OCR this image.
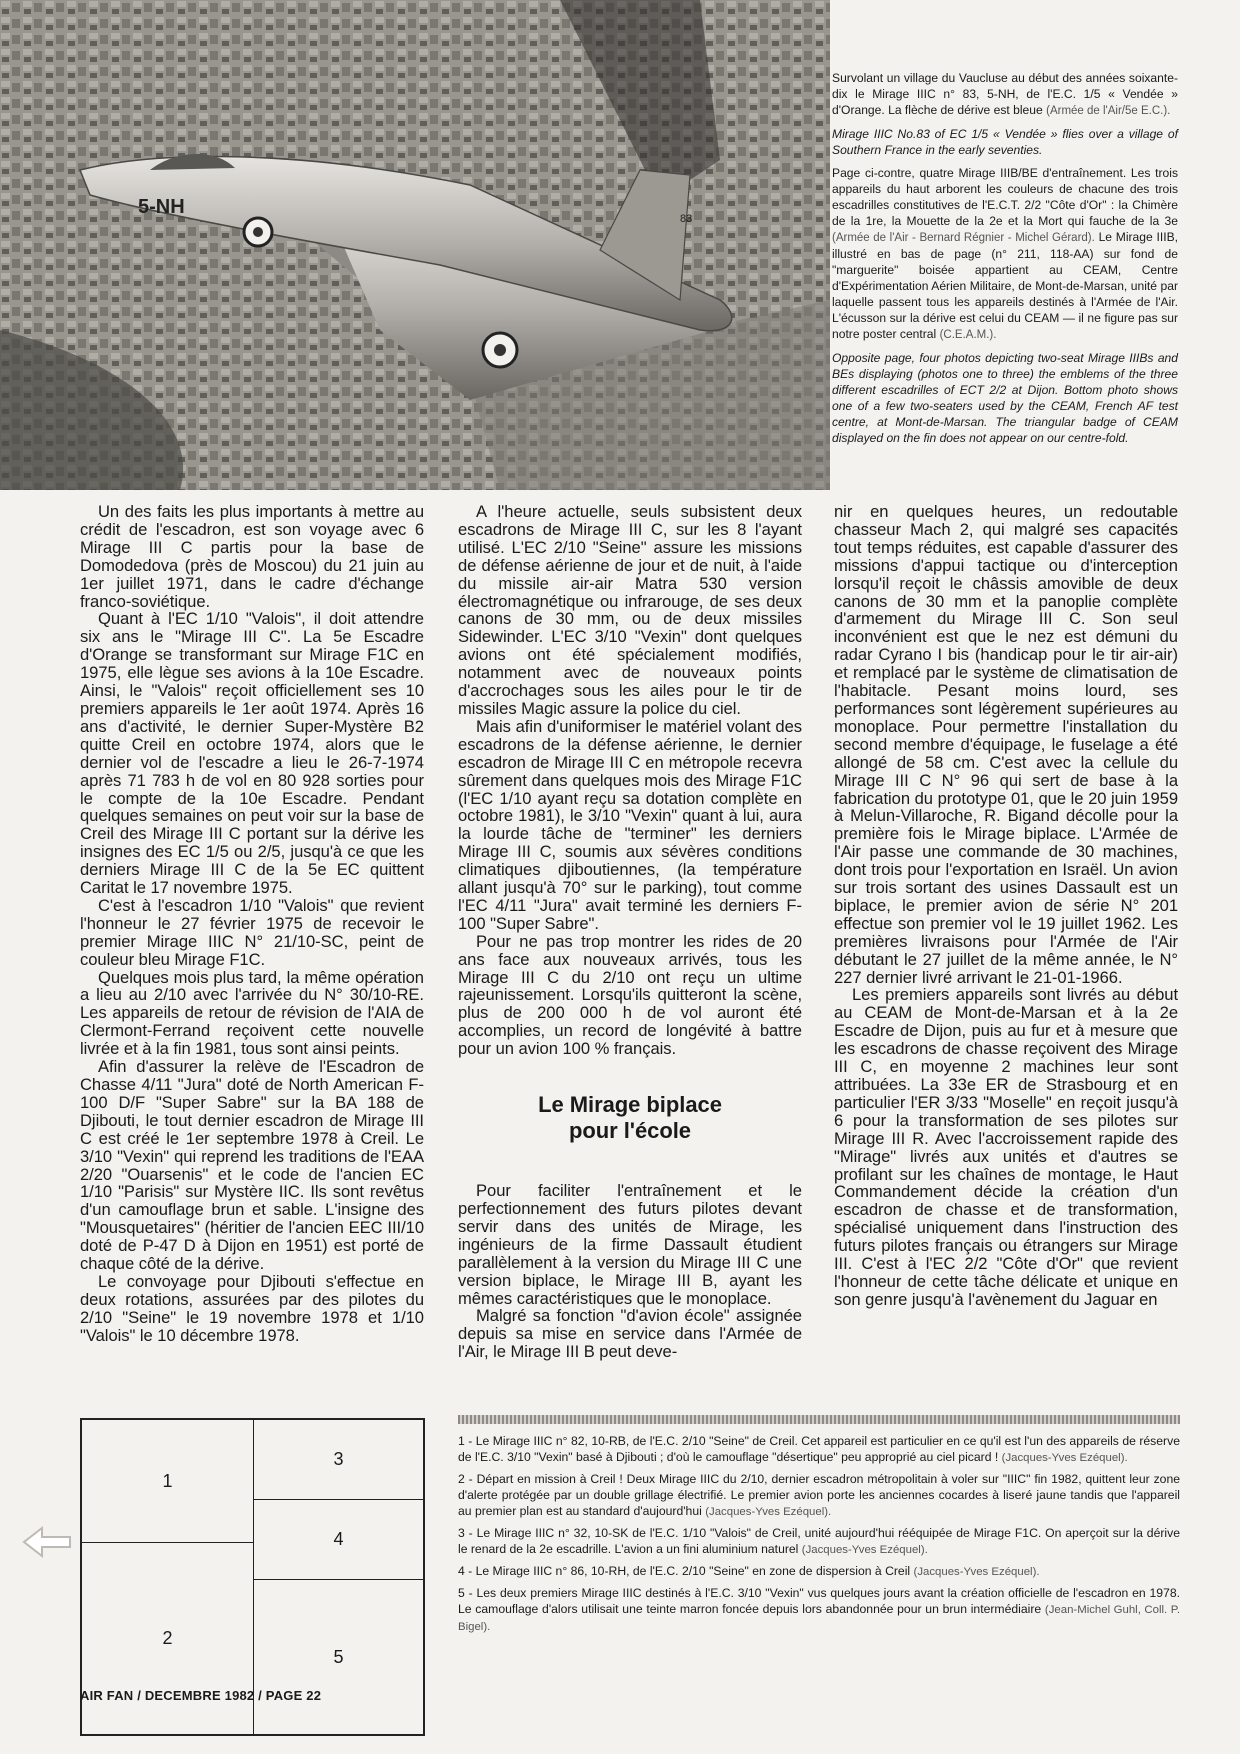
5-NH
83

Survolant un village du Vaucluse au début des années soixante-dix le Mirage IIIC n° 83, 5-NH, de l'E.C. 1/5 « Vendée » d'Orange. La flèche de dérive est bleue (Armée de l'Air/5e E.C.).

Mirage IIIC No.83 of EC 1/5 « Vendée » flies over a village of Southern France in the early seventies.

Page ci-contre, quatre Mirage IIIB/BE d'entraînement. Les trois appareils du haut arborent les couleurs de chacune des trois escadrilles constitutives de l'E.C.T. 2/2 "Côte d'Or" : la Chimère de la 1re, la Mouette de la 2e et la Mort qui fauche de la 3e (Armée de l'Air - Bernard Régnier - Michel Gérard). Le Mirage IIIB, illustré en bas de page (n° 211, 118-AA) sur fond de "marguerite" boisée appartient au CEAM, Centre d'Expérimentation Aérien Militaire, de Mont-de-Marsan, unité par laquelle passent tous les appareils destinés à l'Armée de l'Air. L'écusson sur la dérive est celui du CEAM — il ne figure pas sur notre poster central (C.E.A.M.).

Opposite page, four photos depicting two-seat Mirage IIIBs and BEs displaying (photos one to three) the emblems of the three different escadrilles of ECT 2/2 at Dijon. Bottom photo shows one of a few two-seaters used by the CEAM, French AF test centre, at Mont-de-Marsan. The triangular badge of CEAM displayed on the fin does not appear on our centre-fold.

Un des faits les plus importants à mettre au crédit de l'escadron, est son voyage avec 6 Mirage III C partis pour la base de Domodedova (près de Moscou) du 21 juin au 1er juillet 1971, dans le cadre d'échange franco-soviétique.

Quant à l'EC 1/10 "Valois", il doit attendre six ans le "Mirage III C". La 5e Escadre d'Orange se transformant sur Mirage F1C en 1975, elle lègue ses avions à la 10e Escadre. Ainsi, le "Valois" reçoit officiellement ses 10 premiers appareils le 1er août 1974. Après 16 ans d'activité, le dernier Super-Mystère B2 quitte Creil en octobre 1974, alors que le dernier vol de l'escadre a lieu le 26-7-1974 après 71 783 h de vol en 80 928 sorties pour le compte de la 10e Escadre. Pendant quelques semaines on peut voir sur la base de Creil des Mirage III C portant sur la dérive les insignes des EC 1/5 ou 2/5, jusqu'à ce que les derniers Mirage III C de la 5e EC quittent Caritat le 17 novembre 1975.

C'est à l'escadron 1/10 "Valois" que revient l'honneur le 27 février 1975 de recevoir le premier Mirage IIIC N° 21/10-SC, peint de couleur bleu Mirage F1C.

Quelques mois plus tard, la même opération a lieu au 2/10 avec l'arrivée du N° 30/10-RE. Les appareils de retour de révision de l'AIA de Clermont-Ferrand reçoivent cette nouvelle livrée et à la fin 1981, tous sont ainsi peints.

Afin d'assurer la relève de l'Escadron de Chasse 4/11 "Jura" doté de North American F-100 D/F "Super Sabre" sur la BA 188 de Djibouti, le tout dernier escadron de Mirage III C est créé le 1er septembre 1978 à Creil. Le 3/10 "Vexin" qui reprend les traditions de l'EAA 2/20 "Ouarsenis" et le code de l'ancien EC 1/10 "Parisis" sur Mystère IIC. Ils sont revêtus d'un camouflage brun et sable. L'insigne des "Mousquetaires" (héritier de l'ancien EEC III/10 doté de P-47 D à Dijon en 1951) est porté de chaque côté de la dérive.

Le convoyage pour Djibouti s'effectue en deux rotations, assurées par des pilotes du 2/10 "Seine" le 19 novembre 1978 et 1/10 "Valois" le 10 décembre 1978.

A l'heure actuelle, seuls subsistent deux escadrons de Mirage III C, sur les 8 l'ayant utilisé. L'EC 2/10 "Seine" assure les missions de défense aérienne de jour et de nuit, à l'aide du missile air-air Matra 530 version électromagnétique ou infrarouge, de ses deux canons de 30 mm, ou de deux missiles Sidewinder. L'EC 3/10 "Vexin" dont quelques avions ont été spécialement modifiés, notamment avec de nouveaux points d'accrochages sous les ailes pour le tir de missiles Magic assure la police du ciel.

Mais afin d'uniformiser le matériel volant des escadrons de la défense aérienne, le dernier escadron de Mirage III C en métropole recevra sûrement dans quelques mois des Mirage F1C (l'EC 1/10 ayant reçu sa dotation complète en octobre 1981), le 3/10 "Vexin" quant à lui, aura la lourde tâche de "terminer" les derniers Mirage III C, soumis aux sévères conditions climatiques djiboutiennes, (la température allant jusqu'à 70° sur le parking), tout comme l'EC 4/11 "Jura" avait terminé les derniers F-100 "Super Sabre".

Pour ne pas trop montrer les rides de 20 ans face aux nouveaux arrivés, tous les Mirage III C du 2/10 ont reçu un ultime rajeunissement. Lorsqu'ils quitteront la scène, plus de 200 000 h de vol auront été accomplies, un record de longévité à battre pour un avion 100 % français.

Le Mirage biplace
pour l'école

Pour faciliter l'entraînement et le perfectionnement des futurs pilotes devant servir dans des unités de Mirage, les ingénieurs de la firme Dassault étudient parallèlement à la version du Mirage III C une version biplace, le Mirage III B, ayant les mêmes caractéristiques que le monoplace.

Malgré sa fonction "d'avion école" assignée depuis sa mise en service dans l'Armée de l'Air, le Mirage III B peut deve-

nir en quelques heures, un redoutable chasseur Mach 2, qui malgré ses capacités tout temps réduites, est capable d'assurer des missions d'appui tactique ou d'interception lorsqu'il reçoit le châssis amovible de deux canons de 30 mm et la panoplie complète d'armement du Mirage III C. Son seul inconvénient est que le nez est démuni du radar Cyrano I bis (handicap pour le tir air-air) et remplacé par le système de climatisation de l'habitacle. Pesant moins lourd, ses performances sont légèrement supérieures au monoplace. Pour permettre l'installation du second membre d'équipage, le fuselage a été allongé de 58 cm. C'est avec la cellule du Mirage III C N° 96 qui sert de base à la fabrication du prototype 01, que le 20 juin 1959 à Melun-Villaroche, R. Bigand décolle pour la première fois le Mirage biplace. L'Armée de l'Air passe une commande de 30 machines, dont trois pour l'exportation en Israël. Un avion sur trois sortant des usines Dassault est un biplace, le premier avion de série N° 201 effectue son premier vol le 19 juillet 1962. Les premières livraisons pour l'Armée de l'Air débutant le 27 juillet de la même année, le N° 227 dernier livré arrivant le 21-01-1966.

Les premiers appareils sont livrés au début au CEAM de Mont-de-Marsan et à la 2e Escadre de Dijon, puis au fur et à mesure que les escadrons de chasse reçoivent des Mirage III C, en moyenne 2 machines leur sont attribuées. La 33e ER de Strasbourg et en particulier l'ER 3/33 "Moselle" en reçoit jusqu'à 6 pour la transformation de ses pilotes sur Mirage III R. Avec l'accroissement rapide des "Mirage" livrés aux unités et d'autres se profilant sur les chaînes de montage, le Haut Commandement décide la création d'un escadron de chasse et de transformation, spécialisé uniquement dans l'instruction des futurs pilotes français ou étrangers sur Mirage III. C'est à l'EC 2/2 "Côte d'Or" que revient l'honneur de cette tâche délicate et unique en son genre jusqu'à l'avènement du Jaguar en

1
2
3
4
5

1 - Le Mirage IIIC n° 82, 10-RB, de l'E.C. 2/10 "Seine" de Creil. Cet appareil est particulier en ce qu'il est l'un des appareils de réserve de l'E.C. 3/10 "Vexin" basé à Djibouti ; d'où le camouflage "désertique" peu approprié au ciel picard ! (Jacques-Yves Ezéquel).

2 - Départ en mission à Creil ! Deux Mirage IIIC du 2/10, dernier escadron métropolitain à voler sur "IIIC" fin 1982, quittent leur zone d'alerte protégée par un double grillage électrifié. Le premier avion porte les anciennes cocardes à liseré jaune tandis que l'appareil au premier plan est au standard d'aujourd'hui (Jacques-Yves Ezéquel).

3 - Le Mirage IIIC n° 32, 10-SK de l'E.C. 1/10 "Valois" de Creil, unité aujourd'hui rééquipée de Mirage F1C. On aperçoit sur la dérive le renard de la 2e escadrille. L'avion a un fini aluminium naturel (Jacques-Yves Ezéquel).

4 - Le Mirage IIIC n° 86, 10-RH, de l'E.C. 2/10 "Seine" en zone de dispersion à Creil (Jacques-Yves Ezéquel).

5 - Les deux premiers Mirage IIIC destinés à l'E.C. 3/10 "Vexin" vus quelques jours avant la création officielle de l'escadron en 1978. Le camouflage d'alors utilisait une teinte marron foncée depuis lors abandonnée pour un brun intermédiaire (Jean-Michel Guhl, Coll. P. Bigel).

AIR FAN / DECEMBRE 1982 / PAGE 22
